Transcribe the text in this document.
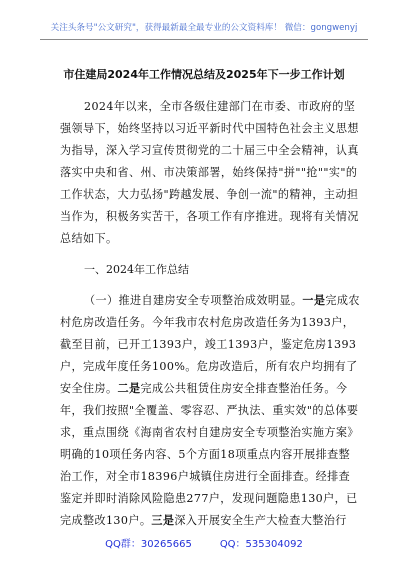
关注头条号"公文研究"，获得最新最全最专业的公文资料库！ 微信：gongwenyj
市住建局2024年工作情况总结及2025年下一步工作计划
2024年以来，全市各级住建部门在市委、市政府的坚强领导下，始终坚持以习近平新时代中国特色社会主义思想为指导，深入学习宣传贯彻党的二十届三中全会精神，认真落实中央和省、州、市决策部署，始终保持"拼""抢""实"的工作状态，大力弘扬"跨越发展、争创一流"的精神，主动担当作为，积极务实苦干，各项工作有序推进。现将有关情况总结如下。
一、2024年工作总结
（一）推进自建房安全专项整治成效明显。一是完成农村危房改造任务。今年我市农村危房改造任务为1393户，截至目前，已开工1393户，竣工1393户，鉴定危房1393户，完成年度任务100%。危房改造后，所有农户均拥有了安全住房。二是完成公共租赁住房安全排查整治任务。今年，我们按照"全覆盖、零容忍、严执法、重实效"的总体要求，重点围绕《海南省农村自建房安全专项整治实施方案》明确的10项任务内容、5个方面18项重点内容开展排查整治工作，对全市18396户城镇住房进行全面排查。经排查鉴定并即时消除风险隐患277户，发现问题隐患130户，已完成整改130户。三是深入开展安全生产大检查大整治行
QQ群：30265665	QQ：535304092
